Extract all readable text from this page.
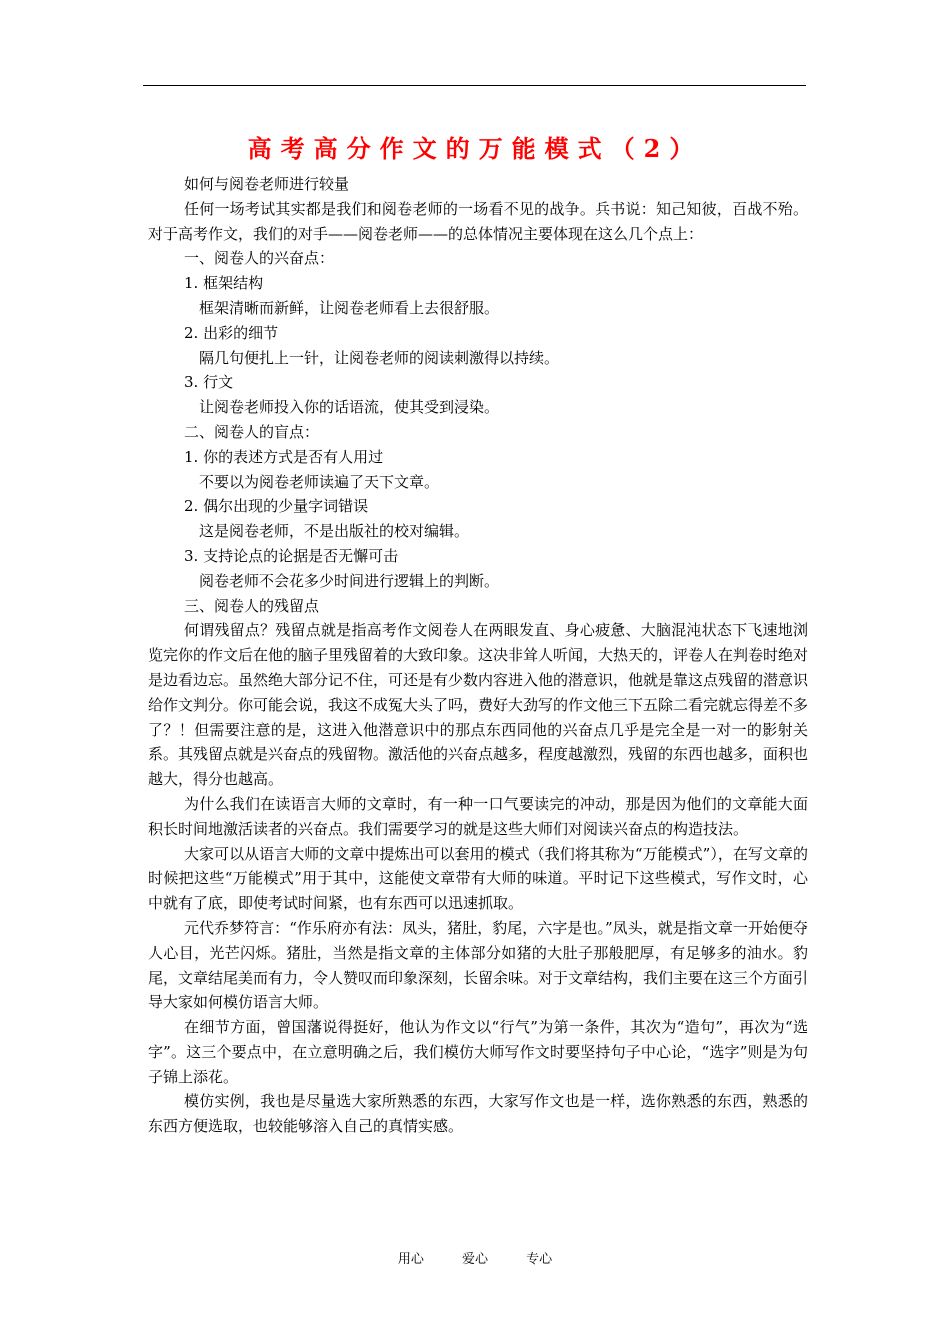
高考高分作文的万能模式（2）

如何与阅卷老师进行较量

任何一场考试其实都是我们和阅卷老师的一场看不见的战争。兵书说：知己知彼，百战不殆。对于高考作文，我们的对手——阅卷老师——的总体情况主要体现在这么几个点上：

一、阅卷人的兴奋点：

1. 框架结构

框架清晰而新鲜，让阅卷老师看上去很舒服。

2. 出彩的细节

隔几句便扎上一针，让阅卷老师的阅读刺激得以持续。

3. 行文

让阅卷老师投入你的话语流，使其受到浸染。

二、阅卷人的盲点：

1. 你的表述方式是否有人用过

不要以为阅卷老师读遍了天下文章。

2. 偶尔出现的少量字词错误

这是阅卷老师，不是出版社的校对编辑。

3. 支持论点的论据是否无懈可击

阅卷老师不会花多少时间进行逻辑上的判断。

三、阅卷人的残留点

何谓残留点？残留点就是指高考作文阅卷人在两眼发直、身心疲惫、大脑混沌状态下飞速地浏览完你的作文后在他的脑子里残留着的大致印象。这决非耸人听闻，大热天的，评卷人在判卷时绝对是边看边忘。虽然绝大部分记不住，可还是有少数内容进入他的潜意识，他就是靠这点残留的潜意识给作文判分。你可能会说，我这不成冤大头了吗，费好大劲写的作文他三下五除二看完就忘得差不多了？！但需要注意的是，这进入他潜意识中的那点东西同他的兴奋点几乎是完全是一对一的影射关系。其残留点就是兴奋点的残留物。激活他的兴奋点越多，程度越激烈，残留的东西也越多，面积也越大，得分也越高。

为什么我们在读语言大师的文章时，有一种一口气要读完的冲动，那是因为他们的文章能大面积长时间地激活读者的兴奋点。我们需要学习的就是这些大师们对阅读兴奋点的构造技法。

大家可以从语言大师的文章中提炼出可以套用的模式（我们将其称为“万能模式”），在写文章的时候把这些“万能模式”用于其中，这能使文章带有大师的味道。平时记下这些模式，写作文时，心中就有了底，即使考试时间紧，也有东西可以迅速抓取。

元代乔梦符言：“作乐府亦有法：凤头，猪肚，豹尾，六字是也。”凤头，就是指文章一开始便夺人心目，光芒闪烁。猪肚，当然是指文章的主体部分如猪的大肚子那般肥厚，有足够多的油水。豹尾，文章结尾美而有力，令人赞叹而印象深刻，长留余味。对于文章结构，我们主要在这三个方面引导大家如何模仿语言大师。

在细节方面，曾国藩说得挺好，他认为作文以“行气”为第一条件，其次为“造句”，再次为“选字”。这三个要点中，在立意明确之后，我们模仿大师写作文时要坚持句子中心论，“选字”则是为句子锦上添花。

模仿实例，我也是尽量选大家所熟悉的东西，大家写作文也是一样，选你熟悉的东西，熟悉的东西方便选取，也较能够溶入自己的真情实感。

用心	爱心	专心
